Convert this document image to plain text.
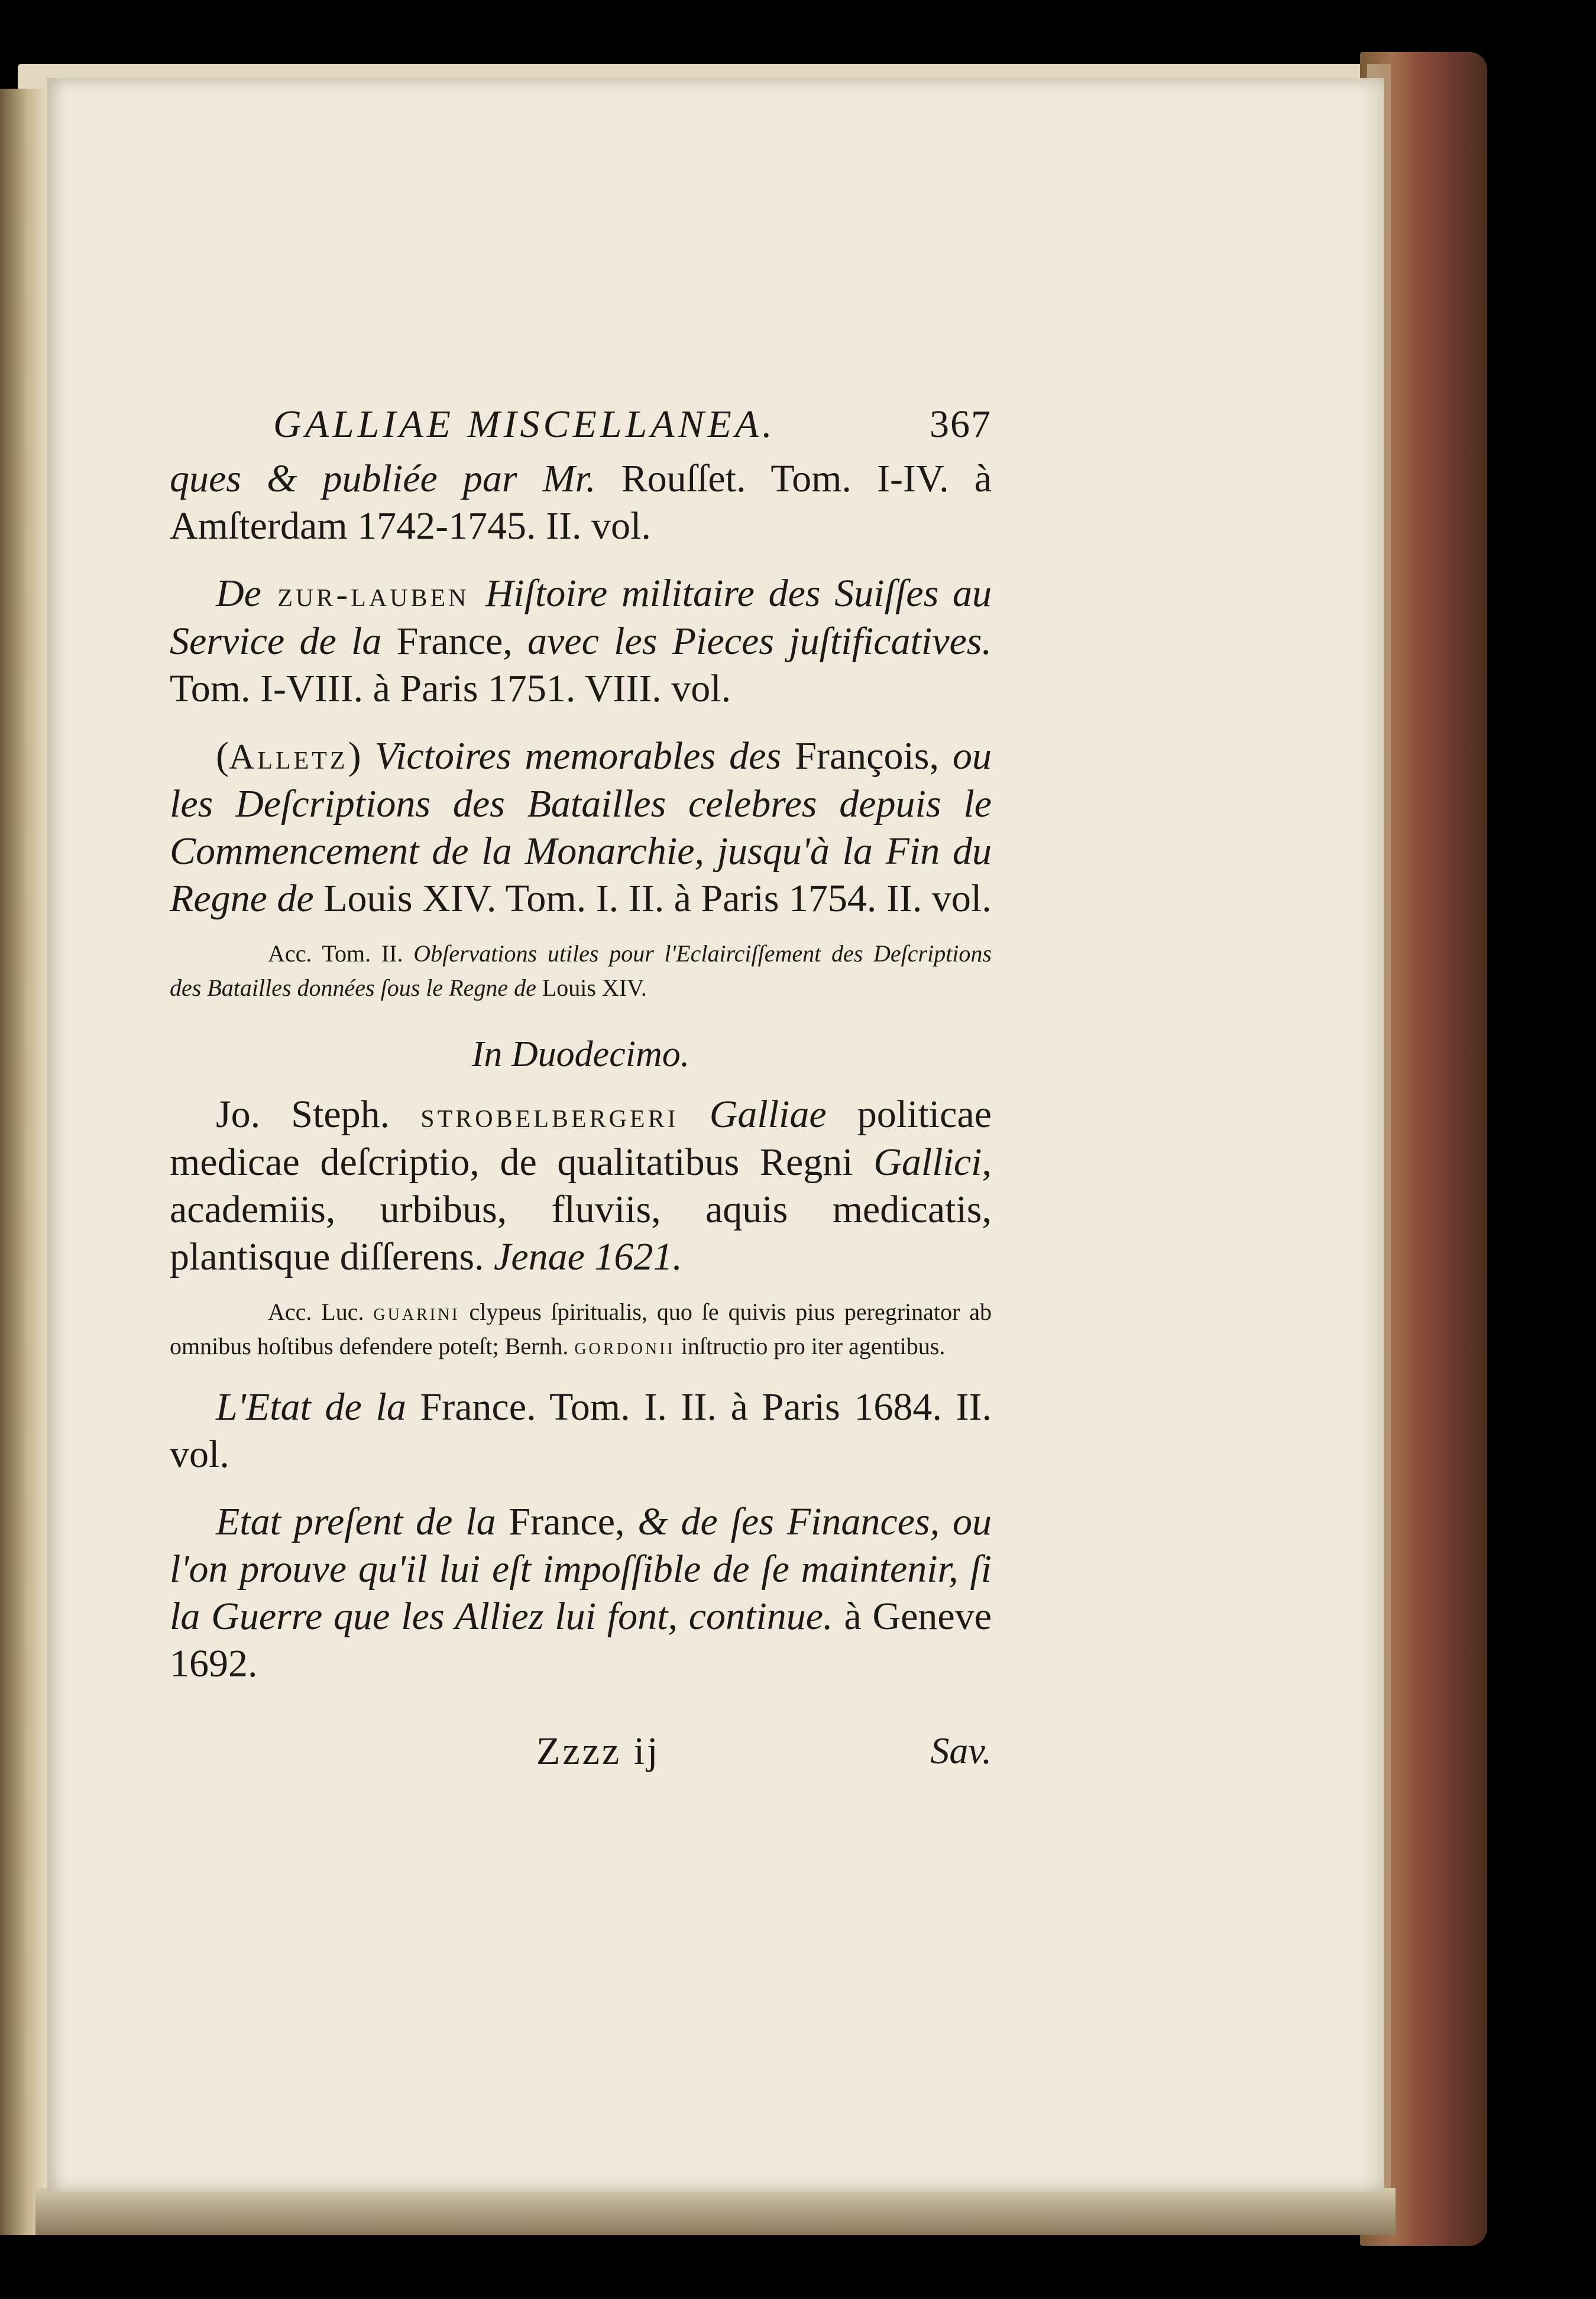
GALLIAE MISCELLANEA.	367

ques & publiée par Mr. Rouſſet. Tom. I-IV. à Amſterdam 1742-1745. II. vol.

De zur-lauben Hiſtoire militaire des Suiſſes au Service de la France, avec les Pieces juſtificatives. Tom. I-VIII. à Paris 1751. VIII. vol.

(Alletz) Victoires memorables des François, ou les Deſcriptions des Batailles celebres depuis le Commencement de la Monarchie, jusqu'à la Fin du Regne de Louis XIV. Tom. I. II. à Paris 1754. II. vol.

Acc. Tom. II. Obſervations utiles pour l'Eclairciſſement des Deſcriptions des Batailles données ſous le Regne de Louis XIV.

In Duodecimo.

Jo. Steph. strobelbergeri Galliae politicae medicae deſcriptio, de qualitatibus Regni Gallici, academiis, urbibus, fluviis, aquis medicatis, plantisque diſſerens. Jenae 1621.

Acc. Luc. guarini clypeus ſpiritualis, quo ſe quivis pius peregrinator ab omnibus hoſtibus defendere poteſt; Bernh. gordonii inſtructio pro iter agentibus.

L'Etat de la France. Tom. I. II. à Paris 1684. II. vol.

Etat preſent de la France, & de ſes Finances, ou l'on prouve qu'il lui eſt impoſſible de ſe maintenir, ſi la Guerre que les Alliez lui font, continue. à Geneve 1692.

Zzzz ij	Sav.
